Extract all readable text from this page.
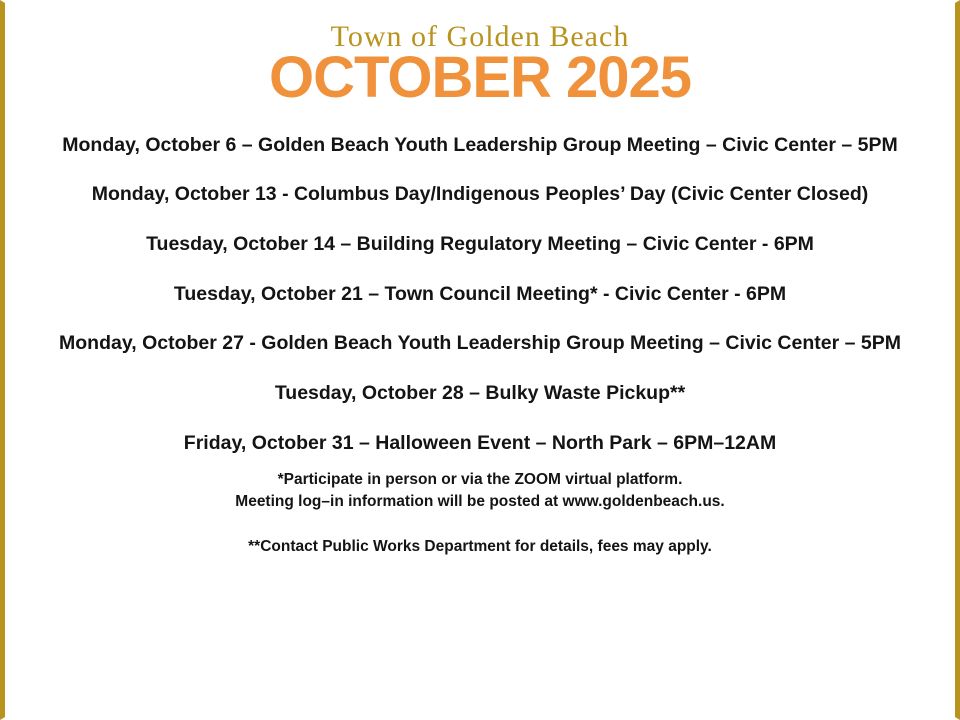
Town of Golden Beach
OCTOBER 2025
Monday, October 6 – Golden Beach Youth Leadership Group Meeting – Civic Center – 5PM
Monday, October 13 - Columbus Day/Indigenous Peoples’ Day (Civic Center Closed)
Tuesday, October 14 – Building Regulatory Meeting – Civic Center - 6PM
Tuesday, October 21 – Town Council Meeting* - Civic Center - 6PM
Monday, October 27 - Golden Beach Youth Leadership Group Meeting – Civic Center – 5PM
Tuesday, October 28 – Bulky Waste Pickup**
Friday, October 31 – Halloween Event – North Park – 6PM–12AM
*Participate in person or via the ZOOM virtual platform.
Meeting log–in information will be posted at www.goldenbeach.us.
**Contact Public Works Department for details, fees may apply.
